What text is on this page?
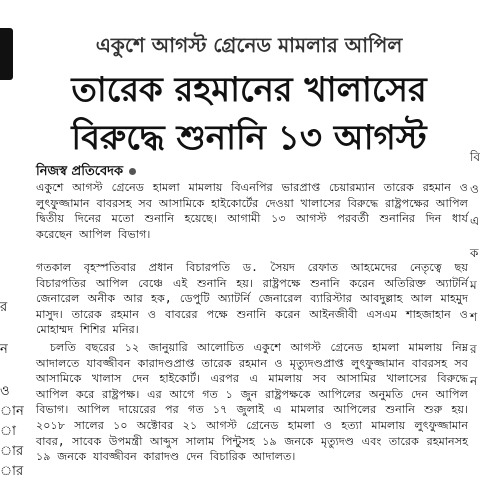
র
ন
ও
ান
া
ার
ার
একুশে আগস্ট গ্রেনেড মামলার আপিল
তারেক রহমানের খালাসের
বিরুদ্ধে শুনানি ১৩ আগস্ট
নিজস্ব প্রতিবেদক
একুশে আগস্ট গ্রেনেড হামলা মামলায় বিএনপির ভারপ্রাপ্ত চেয়ারম্যান তারেক রহমান ও লুৎফুজ্জামান বাবরসহ সব আসামিকে হাইকোর্টের দেওয়া খালাসের বিরুদ্ধে রাষ্ট্রপক্ষের আপিল দ্বিতীয় দিনের মতো শুনানি হয়েছে। আগামী ১৩ আগস্ট পরবর্তী শুনানির দিন ধার্য করেছেন আপিল বিভাগ।
গতকাল বৃহস্পতিবার প্রধান বিচারপতি ড. সৈয়দ রেফাত আহমেদের নেতৃত্বে ছয় বিচারপতির আপিল বেঞ্চে এই শুনানি হয়। রাষ্ট্রপক্ষে শুনানি করেন অতিরিক্ত অ্যাটর্নি জেনারেল অনীক আর হক, ডেপুটি অ্যাটর্নি জেনারেল ব্যারিস্টার আবদুল্লাহ আল মাহমুদ মাসুদ। তারেক রহমান ও বাবরের পক্ষে শুনানি করেন আইনজীবী এসএম শাহজাহান ও মোহাম্মদ শিশির মনির।
চলতি বছরের ১২ জানুয়ারি আলোচিত একুশে আগস্ট গ্রেনেড হামলা মামলায় নিম্ন আদালতে যাবজ্জীবন কারাদণ্ডপ্রাপ্ত তারেক রহমান ও মৃত্যুদণ্ডপ্রাপ্ত লুৎফুজ্জামান বাবরসহ সব আসামিকে খালাস দেন হাইকোর্ট। এরপর এ মামলায় সব আসামির খালাসের বিরুদ্ধে আপিল করে রাষ্ট্রপক্ষ। এর আগে গত ১ জুন রাষ্ট্রপক্ষকে আপিলের অনুমতি দেন আপিল বিভাগ। আপিল দায়েরের পর গত ১৭ জুলাই এ মামলার আপিলের শুনানি শুরু হয়। ২০১৮ সালের ১০ অক্টোবর ২১ আগস্ট গ্রেনেড হামলা ও হত্যা মামলায় লুৎফুজ্জামান বাবর, সাবেক উপমন্ত্রী আব্দুস সালাম পিন্টুসহ ১৯ জনকে মৃত্যুদণ্ড এবং তারেক রহমানসহ ১৯ জনকে যাবজ্জীবন কারাদণ্ড দেন বিচারিক আদালত।
বি
ও
এ
ক
ম
শ
র
ন
